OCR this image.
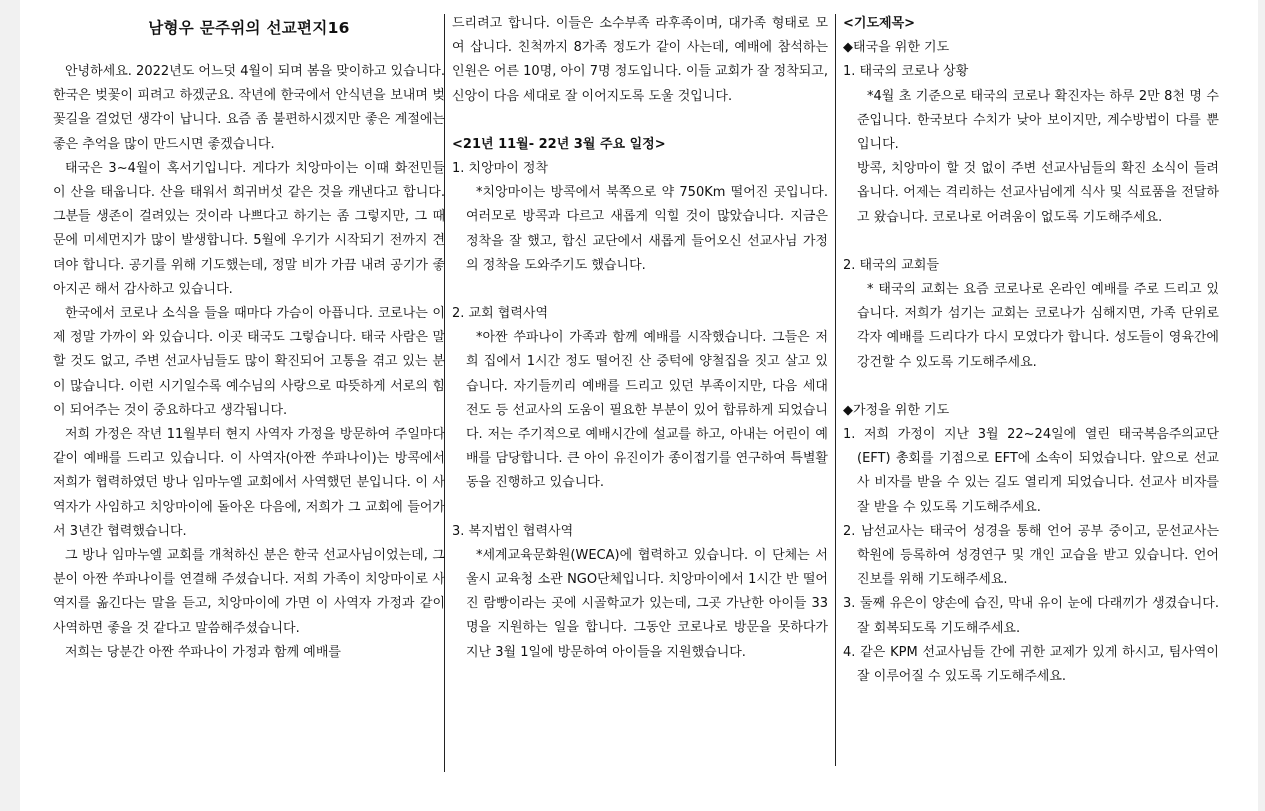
남형우 문주위의 선교편지16

안녕하세요. 2022년도 어느덧 4월이 되며 봄을 맞이하고 있습니다. 한국은 벚꽃이 피려고 하겠군요. 작년에 한국에서 안식년을 보내며 벚꽃길을 걸었던 생각이 납니다. 요즘 좀 불편하시겠지만 좋은 계절에는 좋은 추억을 많이 만드시면 좋겠습니다.

태국은 3~4월이 혹서기입니다. 게다가 치앙마이는 이때 화전민들이 산을 태웁니다. 산을 태워서 희귀버섯 같은 것을 캐낸다고 합니다. 그분들 생존이 걸려있는 것이라 나쁘다고 하기는 좀 그렇지만, 그 때문에 미세먼지가 많이 발생합니다. 5월에 우기가 시작되기 전까지 견뎌야 합니다. 공기를 위해 기도했는데, 정말 비가 가끔 내려 공기가 좋아지곤 해서 감사하고 있습니다.

한국에서 코로나 소식을 들을 때마다 가슴이 아픕니다. 코로나는 이제 정말 가까이 와 있습니다. 이곳 태국도 그렇습니다. 태국 사람은 말할 것도 없고, 주변 선교사님들도 많이 확진되어 고통을 겪고 있는 분이 많습니다. 이런 시기일수록 예수님의 사랑으로 따뜻하게 서로의 힘이 되어주는 것이 중요하다고 생각됩니다.

저희 가정은 작년 11월부터 현지 사역자 가정을 방문하여 주일마다 같이 예배를 드리고 있습니다. 이 사역자(아짠 쑤파나이)는 방콕에서 저희가 협력하였던 방나 임마누엘 교회에서 사역했던 분입니다. 이 사역자가 사임하고 치앙마이에 돌아온 다음에, 저희가 그 교회에 들어가서 3년간 협력했습니다.

그 방나 임마누엘 교회를 개척하신 분은 한국 선교사님이었는데, 그분이 아짠 쑤파나이를 연결해 주셨습니다. 저희 가족이 치앙마이로 사역지를 옮긴다는 말을 듣고, 치앙마이에 가면 이 사역자 가정과 같이 사역하면 좋을 것 같다고 말씀해주셨습니다.

저희는 당분간 아짠 쑤파나이 가정과 함께 예배를

드리려고 합니다. 이들은 소수부족 라후족이며, 대가족 형태로 모여 삽니다. 친척까지 8가족 정도가 같이 사는데, 예배에 참석하는 인원은 어른 10명, 아이 7명 정도입니다. 이들 교회가 잘 정착되고, 신앙이 다음 세대로 잘 이어지도록 도울 것입니다.

<21년 11월- 22년 3월 주요 일정>

1. 치앙마이 정착

*치앙마이는 방콕에서 북쪽으로 약 750Km 떨어진 곳입니다. 여러모로 방콕과 다르고 새롭게 익힐 것이 많았습니다. 지금은 정착을 잘 했고, 합신 교단에서 새롭게 들어오신 선교사님 가정의 정착을 도와주기도 했습니다.

2. 교회 협력사역

*아짠 쑤파나이 가족과 함께 예배를 시작했습니다. 그들은 저희 집에서 1시간 정도 떨어진 산 중턱에 양철집을 짓고 살고 있습니다. 자기들끼리 예배를 드리고 있던 부족이지만, 다음 세대 전도 등 선교사의 도움이 필요한 부분이 있어 합류하게 되었습니다. 저는 주기적으로 예배시간에 설교를 하고, 아내는 어린이 예배를 담당합니다. 큰 아이 유진이가 종이접기를 연구하여 특별활동을 진행하고 있습니다.

3. 복지법인 협력사역

*세계교육문화원(WECA)에 협력하고 있습니다. 이 단체는 서울시 교육청 소관 NGO단체입니다. 치앙마이에서 1시간 반 떨어진 람빵이라는 곳에 시골학교가 있는데, 그곳 가난한 아이들 33명을 지원하는 일을 합니다. 그동안 코로나로 방문을 못하다가 지난 3월 1일에 방문하여 아이들을 지원했습니다.

<기도제목>

◆태국을 위한 기도

1. 태국의 코로나 상황

*4월 초 기준으로 태국의 코로나 확진자는 하루 2만 8천 명 수준입니다. 한국보다 수치가 낮아 보이지만, 계수방법이 다를 뿐입니다.

방콕, 치앙마이 할 것 없이 주변 선교사님들의 확진 소식이 들려옵니다. 어제는 격리하는 선교사님에게 식사 및 식료품을 전달하고 왔습니다. 코로나로 어려움이 없도록 기도해주세요.

2. 태국의 교회들

* 태국의 교회는 요즘 코로나로 온라인 예배를 주로 드리고 있습니다. 저희가 섬기는 교회는 코로나가 심해지면, 가족 단위로 각자 예배를 드리다가 다시 모였다가 합니다. 성도들이 영육간에 강건할 수 있도록 기도해주세요.

◆가정을 위한 기도

1. 저희 가정이 지난 3월 22~24일에 열린 태국복음주의교단(EFT) 총회를 기점으로 EFT에 소속이 되었습니다. 앞으로 선교사 비자를 받을 수 있는 길도 열리게 되었습니다. 선교사 비자를 잘 받을 수 있도록 기도해주세요.

2. 남선교사는 태국어 성경을 통해 언어 공부 중이고, 문선교사는 학원에 등록하여 성경연구 및 개인 교습을 받고 있습니다. 언어 진보를 위해 기도해주세요.

3. 둘째 유은이 양손에 습진, 막내 유이 눈에 다래끼가 생겼습니다. 잘 회복되도록 기도해주세요.

4. 같은 KPM 선교사님들 간에 귀한 교제가 있게 하시고, 팀사역이 잘 이루어질 수 있도록 기도해주세요.
